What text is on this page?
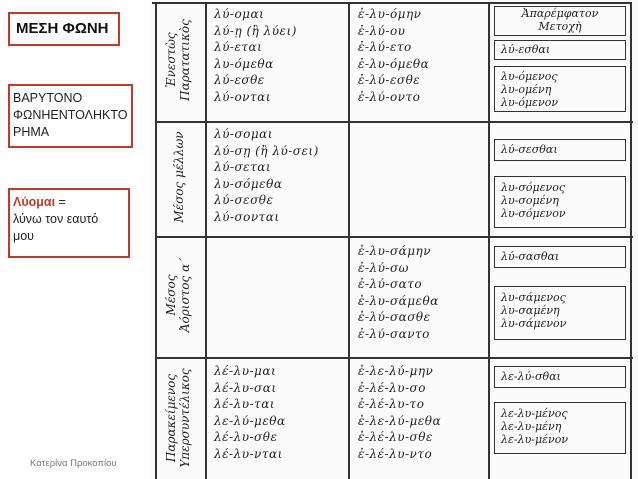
ΜΕΣΗ ΦΩΝΗ
ΒΑΡΥΤΟΝΟ
ΦΩΝΗΕΝΤΟΛΗΚΤΟ
ΡΗΜΑ
Λύομαι =
λύνω τον εαυτό
μου
Κατερίνα Προκοπίου
Ἐνεστὼς Παρατατικὸς
Μέσος μέλλων
Μέσος Ἀόριστος α΄
Παρακείμενος Υπερσυντέλικος
λύ-ομαι
λύ-ῃ (ἢ λύει)
λύ-εται
λυ-όμεθα
λύ-εσθε
λύ-ονται
ἐ-λυ-όμην
ἐ-λύ-ου
ἐ-λύ-ετο
ἐ-λυ-όμεθα
ἐ-λύ-εσθε
ἐ-λύ-οντο
λύ-σομαι
λύ-σῃ (ἢ λύ-σει)
λύ-σεται
λυ-σόμεθα
λύ-σεσθε
λύ-σονται
ἐ-λυ-σάμην
ἐ-λύ-σω
ἐ-λύ-σατο
ἐ-λυ-σάμεθα
ἐ-λύ-σασθε
ἐ-λύ-σαντο
λέ-λυ-μαι
λέ-λυ-σαι
λέ-λυ-ται
λε-λύ-μεθα
λέ-λυ-σθε
λέ-λυ-νται
ἐ-λε-λύ-μην
ἐ-λέ-λυ-σο
ἐ-λέ-λυ-το
ἐ-λε-λύ-μεθα
ἐ-λέ-λυ-σθε
ἐ-λέ-λυ-ντο
Ἀπαρέμφατον
Μετοχὴ
λύ-εσθαι
λυ-όμενος
λυ-ομένη
λυ-όμενον
λύ-σεσθαι
λυ-σόμενος
λυ-σομένη
λυ-σόμενον
λύ-σασθαι
λυ-σάμενος
λυ-σαμένη
λυ-σάμενον
λε-λύ-σθαι
λε-λυ-μένος
λε-λυ-μένη
λε-λυ-μένον
